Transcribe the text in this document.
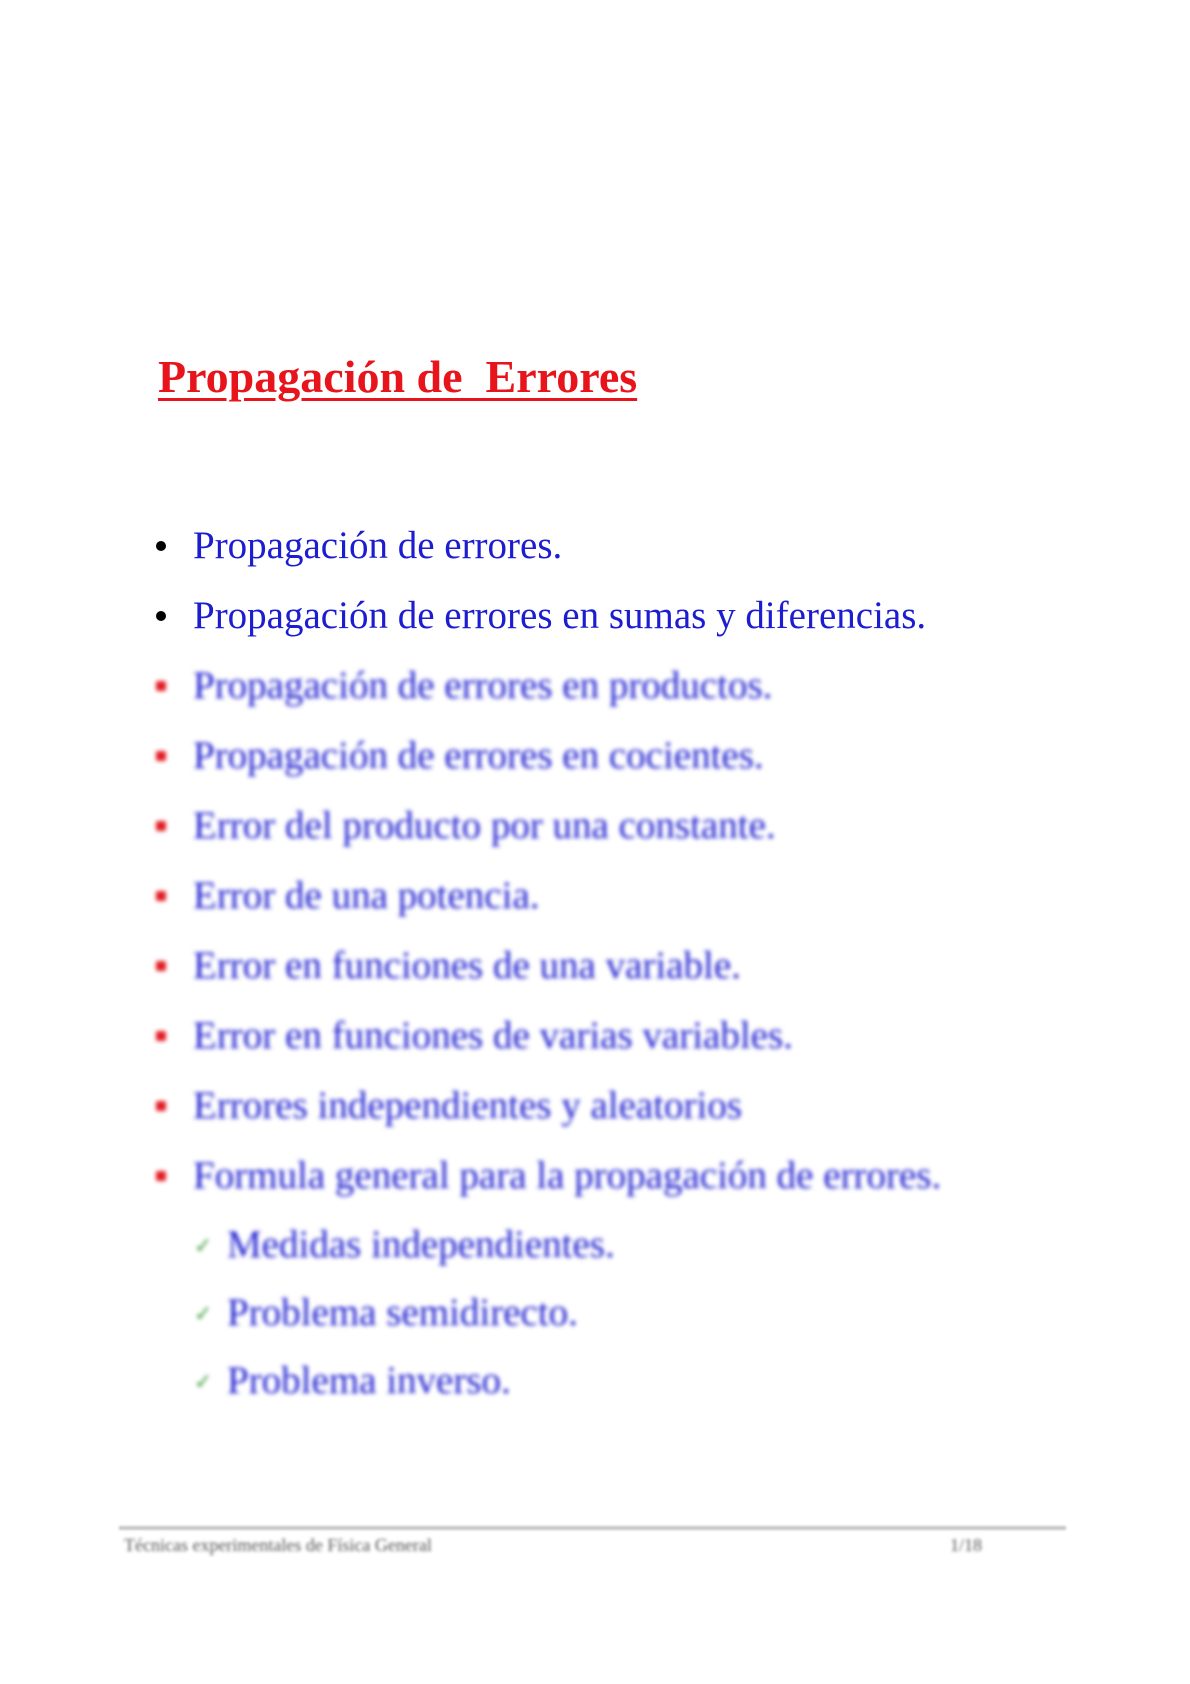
Propagación de  Errores
Propagación de errores.
Propagación de errores en sumas y diferencias.
Propagación de errores en productos.
Propagación de errores en cocientes.
Error del producto por una constante.
Error de una potencia.
Error en funciones de una variable.
Error en funciones de varias variables.
Errores independientes y aleatorios
Formula general para la propagación de errores.
✓
Medidas independientes.
✓
Problema semidirecto.
✓
Problema inverso.
Técnicas experimentales de Física General	1/18
